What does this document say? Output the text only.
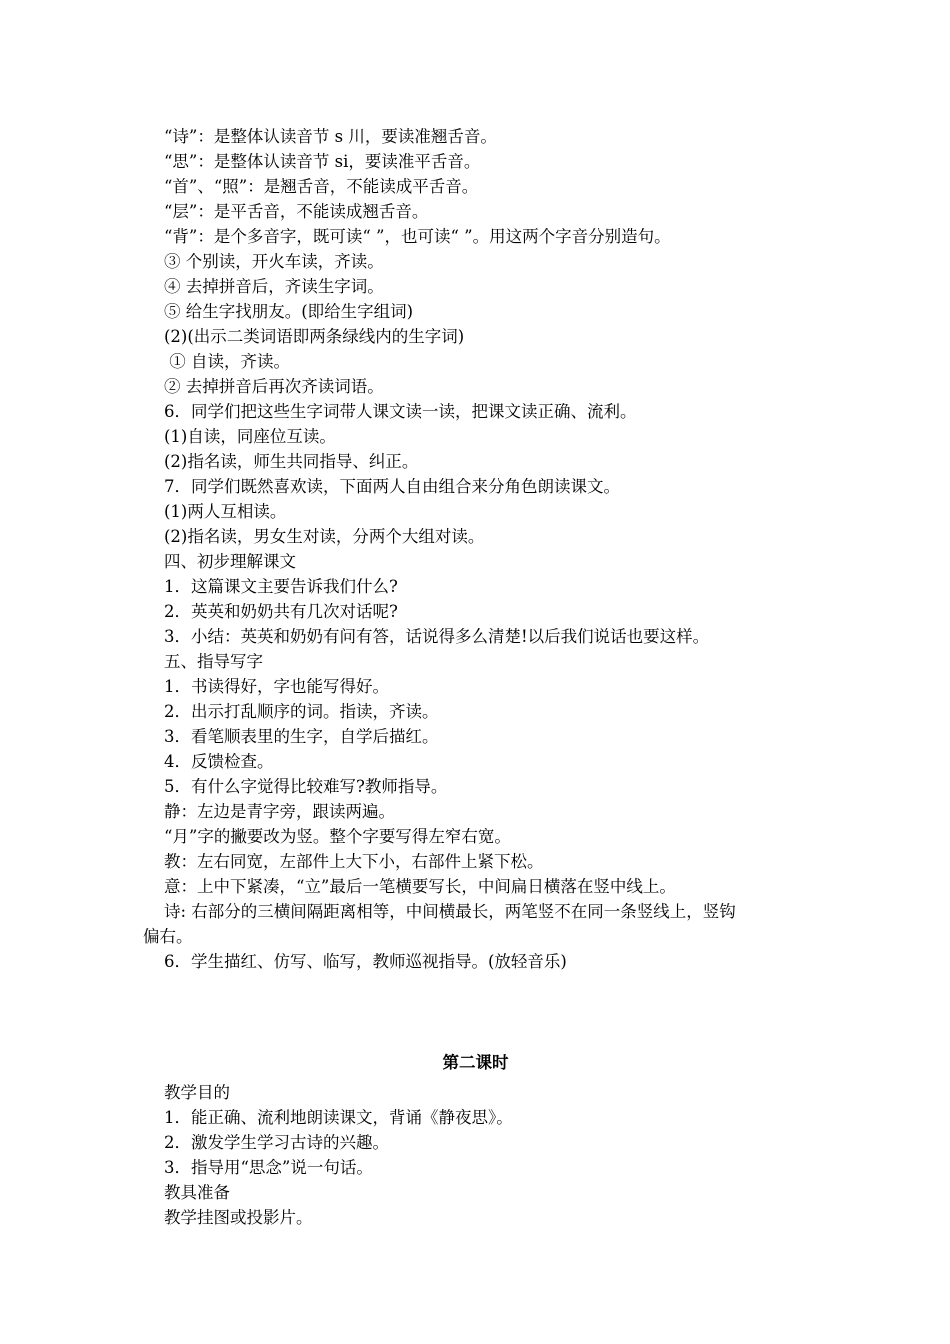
“诗”：是整体认读音节 s 川，要读准翘舌音。
“思”：是整体认读音节 si，要读准平舌音。
“首”、“照”：是翘舌音，不能读成平舌音。
“层”：是平舌音，不能读成翘舌音。
“背”：是个多音字，既可读“ ”，也可读“ ”。用这两个字音分别造句。
③ 个别读，开火车读，齐读。
④ 去掉拼音后，齐读生字词。
⑤ 给生字找朋友。(即给生字组词)
(2)(出示二类词语即两条绿线内的生字词)
① 自读，齐读。
② 去掉拼音后再次齐读词语。
6．同学们把这些生字词带人课文读一读，把课文读正确、流利。
(1)自读，同座位互读。
(2)指名读，师生共同指导、纠正。
7．同学们既然喜欢读，下面两人自由组合来分角色朗读课文。
(1)两人互相读。
(2)指名读，男女生对读，分两个大组对读。
四、初步理解课文
1．这篇课文主要告诉我们什么?
2．英英和奶奶共有几次对话呢?
3．小结：英英和奶奶有问有答，话说得多么清楚!以后我们说话也要这样。
五、指导写字
1．书读得好，字也能写得好。
2．出示打乱顺序的词。指读，齐读。
3．看笔顺表里的生字，自学后描红。
4．反馈检查。
5．有什么字觉得比较难写?教师指导。
静：左边是青字旁，跟读两遍。
“月”字的撇要改为竖。整个字要写得左窄右宽。
教：左右同宽，左部件上大下小，右部件上紧下松。
意：上中下紧凑，“立”最后一笔横要写长，中间扁日横落在竖中线上。
诗: 右部分的三横间隔距离相等，中间横最长，两笔竖不在同一条竖线上，竖钩
偏右。
6．学生描红、仿写、临写，教师巡视指导。(放轻音乐)
第二课时
教学目的
1．能正确、流利地朗读课文，背诵《静夜思》。
2．激发学生学习古诗的兴趣。
3．指导用“思念”说一句话。
教具准备
教学挂图或投影片。
